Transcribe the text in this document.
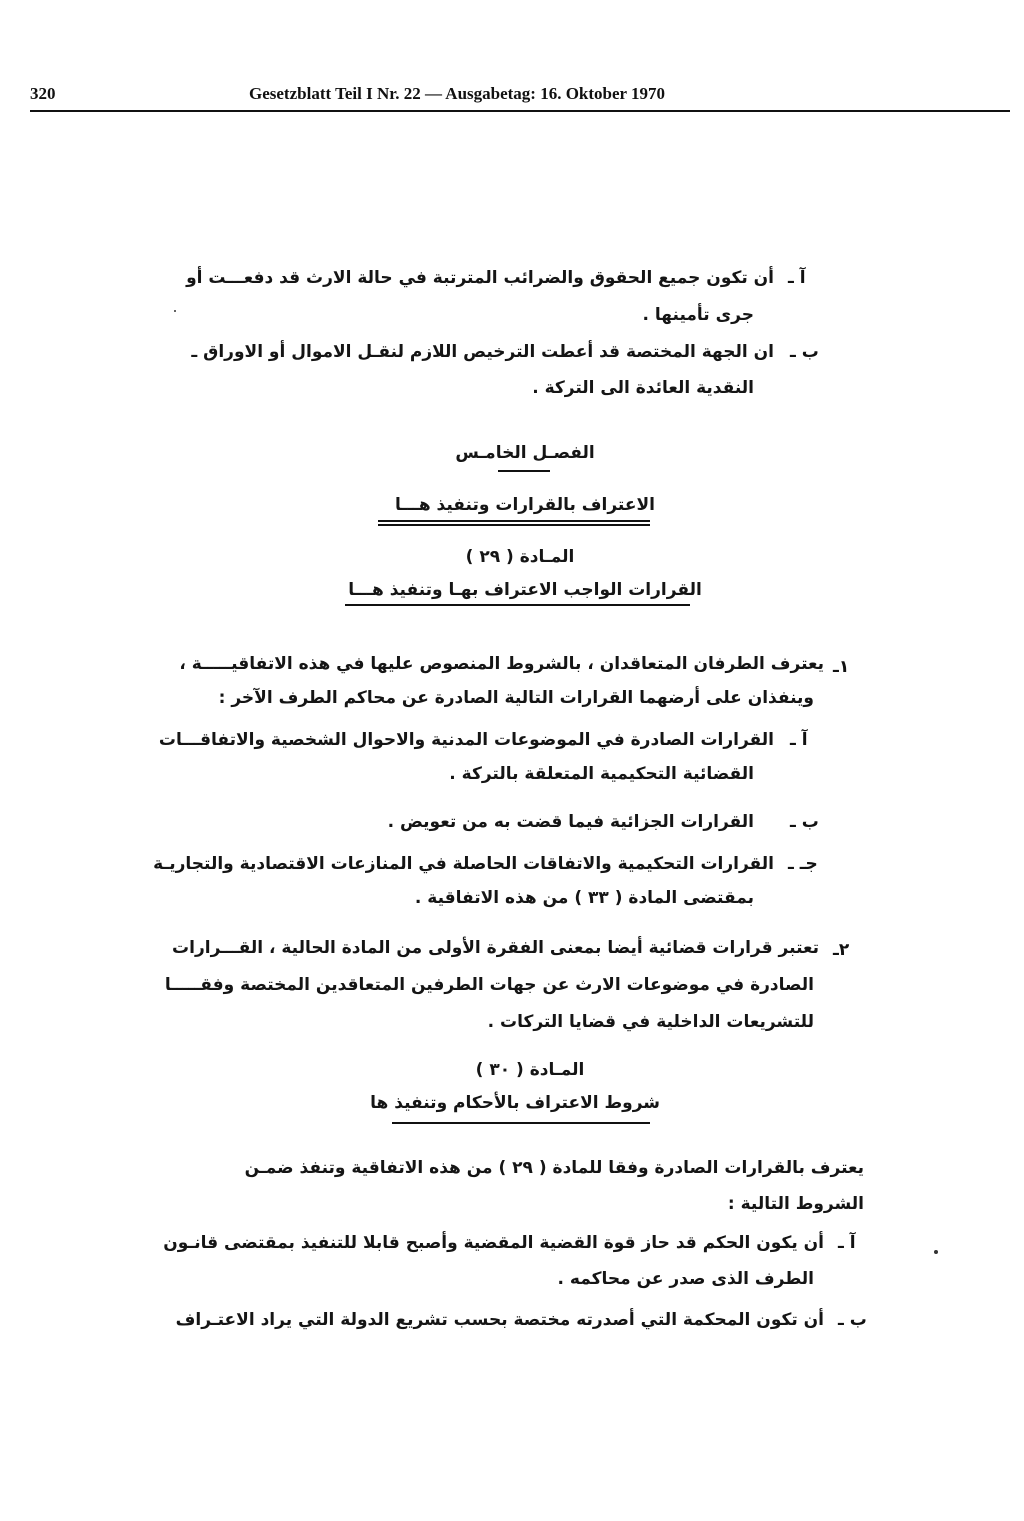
320	Gesetzblatt Teil I Nr. 22 — Ausgabetag: 16. Oktober 1970
آ ـ
أن تكون جميع الحقوق والضرائب المترتبة في حالة الارث قد دفعـــت أو
جرى تأمينها .
ب ـ
ان الجهة المختصة قد أعطت الترخيص اللازم لنقـل الاموال أو الاوراق ـ
النقدية العائدة الى التركة .
الفصـل الخامـس
الاعتراف بالقرارات وتنفيذ هـــا
المـادة ( ٢٩ )
القرارات الواجب الاعتراف بهـا وتنفيذ هـــا
١ـ
يعترف الطرفان المتعاقدان ، بالشروط المنصوص عليها في هذه الاتفاقيـــــة ،
وينفذان على أرضهما القرارات التالية الصادرة عن محاكم الطرف الآخر :
آ ـ
القرارات الصادرة في الموضوعات المدنية والاحوال الشخصية والاتفاقـــات
القضائية التحكيمية المتعلقة بالتركة .
ب ـ
القرارات الجزائية فيما قضت به من تعويض .
جـ ـ
القرارات التحكيمية والاتفاقات الحاصلة في المنازعات الاقتصادية والتجاريـة
بمقتضى المادة ( ٣٣ ) من هذه الاتفاقية .
٢ـ
تعتبر قرارات قضائية أيضا بمعنى الفقرة الأولى من المادة الحالية ، القـــرارات
الصادرة في موضوعات الارث عن جهات الطرفين المتعاقدين المختصة وفقـــــا
للتشريعات الداخلية في قضايا التركات .
المـادة ( ٣٠ )
شروط الاعتراف بالأحكام وتنفيذ ها
يعترف بالقرارات الصادرة وفقا للمادة ( ٢٩ ) من هذه الاتفاقية وتنفذ ضمـن
الشروط التالية :
آ ـ
أن يكون الحكم قد حاز قوة القضية المقضية وأصبح قابلا للتنفيذ بمقتضى قانـون
الطرف الذى صدر عن محاكمه .
ب ـ
أن تكون المحكمة التي أصدرته مختصة بحسب تشريع الدولة التي يراد الاعتـراف
